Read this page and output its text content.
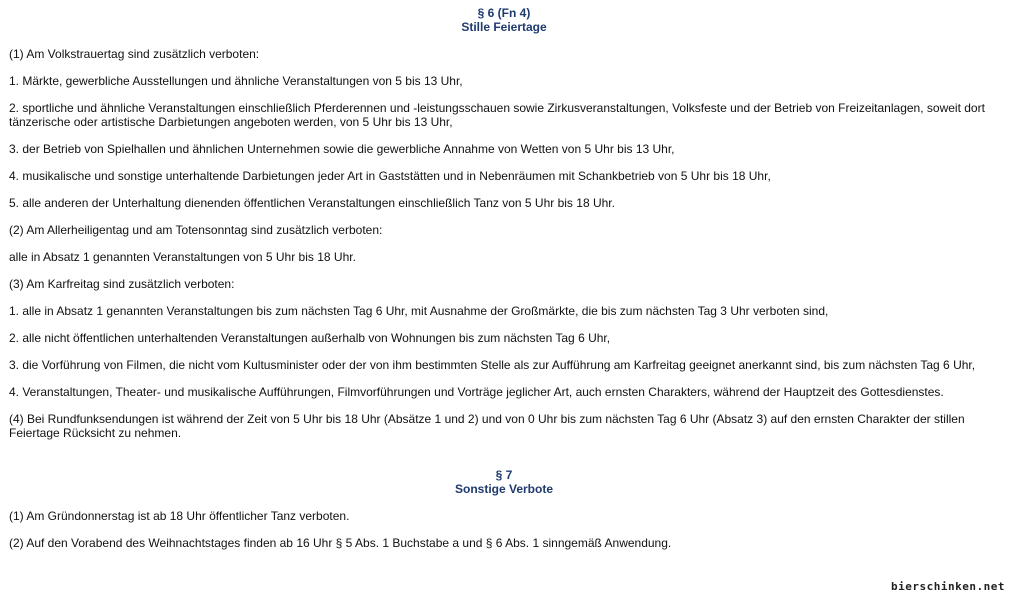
§ 6 (Fn 4)
Stille Feiertage

(1) Am Volkstrauertag sind zusätzlich verboten:

1. Märkte, gewerbliche Ausstellungen und ähnliche Veranstaltungen von 5 bis 13 Uhr,

2. sportliche und ähnliche Veranstaltungen einschließlich Pferderennen und -leistungsschauen sowie Zirkusveranstaltungen, Volksfeste und der Betrieb von Freizeitanlagen, soweit dort tänzerische oder artistische Darbietungen angeboten werden, von 5 Uhr bis 13 Uhr,

3. der Betrieb von Spielhallen und ähnlichen Unternehmen sowie die gewerbliche Annahme von Wetten von 5 Uhr bis 13 Uhr,

4. musikalische und sonstige unterhaltende Darbietungen jeder Art in Gaststätten und in Nebenräumen mit Schankbetrieb von 5 Uhr bis 18 Uhr,

5. alle anderen der Unterhaltung dienenden öffentlichen Veranstaltungen einschließlich Tanz von 5 Uhr bis 18 Uhr.

(2) Am Allerheiligentag und am Totensonntag sind zusätzlich verboten:

alle in Absatz 1 genannten Veranstaltungen von 5 Uhr bis 18 Uhr.

(3) Am Karfreitag sind zusätzlich verboten:

1. alle in Absatz 1 genannten Veranstaltungen bis zum nächsten Tag 6 Uhr, mit Ausnahme der Großmärkte, die bis zum nächsten Tag 3 Uhr verboten sind,

2. alle nicht öffentlichen unterhaltenden Veranstaltungen außerhalb von Wohnungen bis zum nächsten Tag 6 Uhr,

3. die Vorführung von Filmen, die nicht vom Kultusminister oder der von ihm bestimmten Stelle als zur Aufführung am Karfreitag geeignet anerkannt sind, bis zum nächsten Tag 6 Uhr,

4. Veranstaltungen, Theater- und musikalische Aufführungen, Filmvorführungen und Vorträge jeglicher Art, auch ernsten Charakters, während der Hauptzeit des Gottesdienstes.

(4) Bei Rundfunksendungen ist während der Zeit von 5 Uhr bis 18 Uhr (Absätze 1 und 2) und von 0 Uhr bis zum nächsten Tag 6 Uhr (Absatz 3) auf den ernsten Charakter der stillen Feiertage Rücksicht zu nehmen.

§ 7
Sonstige Verbote

(1) Am Gründonnerstag ist ab 18 Uhr öffentlicher Tanz verboten.

(2) Auf den Vorabend des Weihnachtstages finden ab 16 Uhr § 5 Abs. 1 Buchstabe a und § 6 Abs. 1 sinngemäß Anwendung.

bierschinken.net
